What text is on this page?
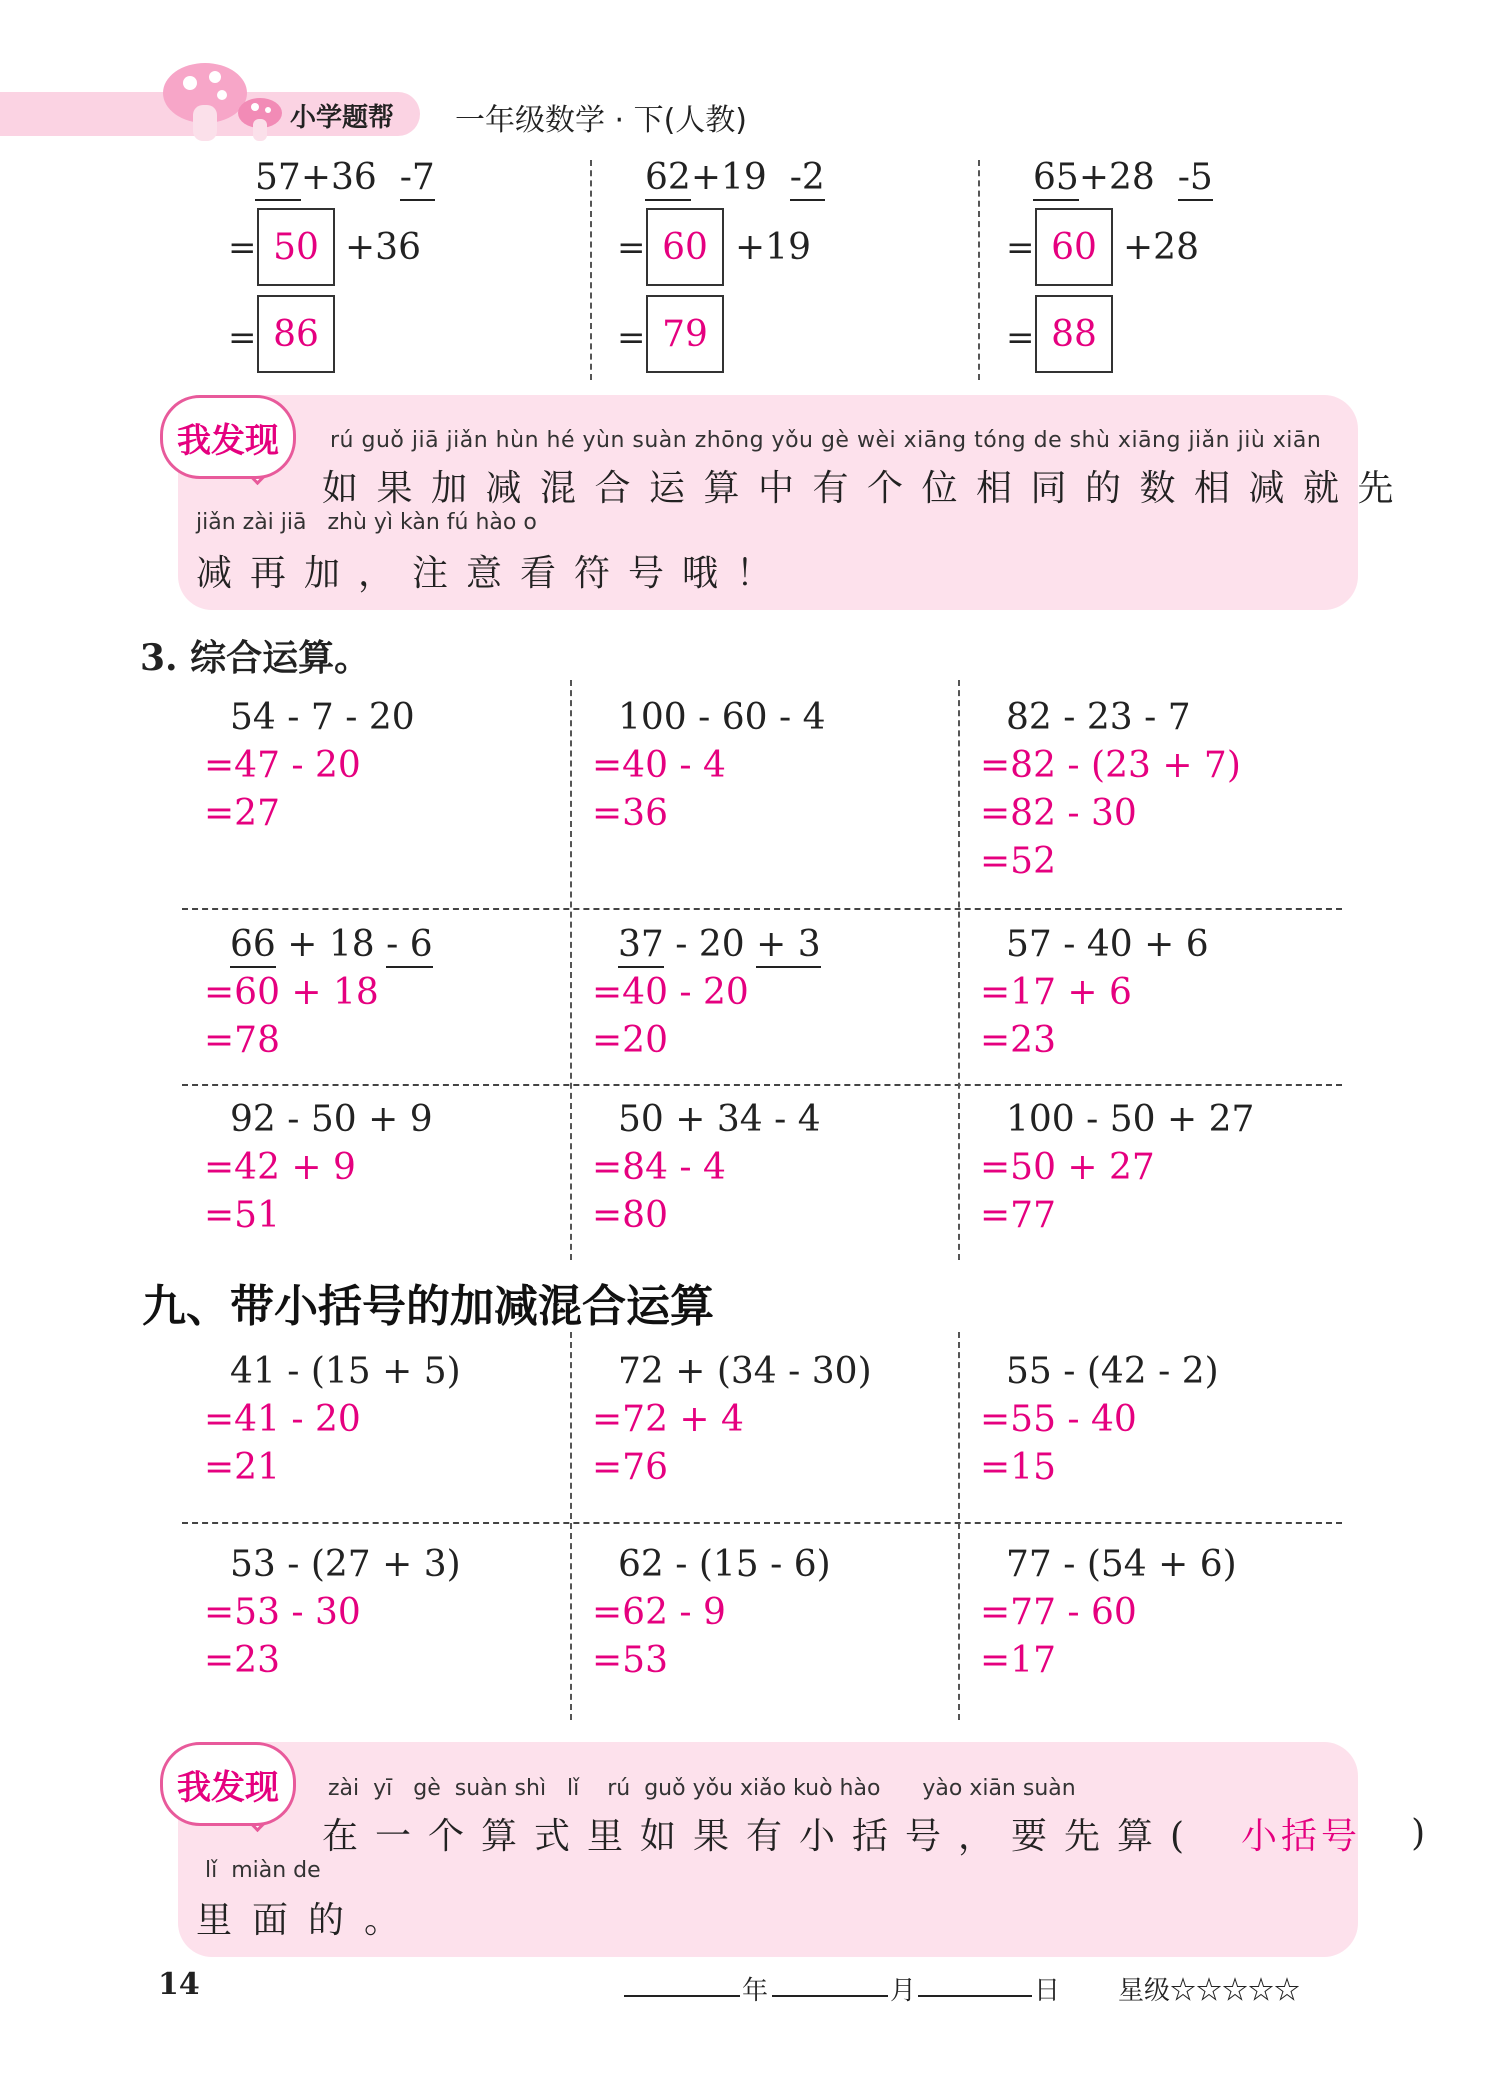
小学题帮 一年级数学 · 下(人教)
57+36 -7
= 50 +36
= 86
62+19 -2
= 60 +19
= 79
65+28 -5
= 60 +28
= 88
我发现	rú guǒ jiā jiǎn hùn hé yùn suàn zhōng yǒu gè wèi xiāng tóng de shù xiāng jiǎn jiù xiān
如果加减混合运算中有个位相同的数相减就先
jiǎn zài jiā   zhù yì kàn fú hào o
减再加，注意看符号哦！
3. 综合运算。
54 - 7 - 20
=47 - 20
=27
100 - 60 - 4
=40 - 4
=36
82 - 23 - 7
=82 - (23 + 7)
=82 - 30
=52
66 + 18 - 6
=60 + 18
=78
37 - 20 + 3
=40 - 20
=20
57 - 40 + 6
=17 + 6
=23
92 - 50 + 9
=42 + 9
=51
50 + 34 - 4
=84 - 4
=80
100 - 50 + 27
=50 + 27
=77
九、带小括号的加减混合运算
41 - (15 + 5)
=41 - 20
=21
72 + (34 - 30)
=72 + 4
=76
55 - (42 - 2)
=55 - 40
=15
53 - (27 + 3)
=53 - 30
=23
62 - (15 - 6)
=62 - 9
=53
77 - (54 + 6)
=77 - 60
=17
我发现	zài  yī   gè  suàn shì   lǐ    rú  guǒ yǒu xiǎo kuò hào      yào xiān suàn
在一个算式里如果有小括号，要先算( 小括号 )
lǐ  miàn de
里面的。
14	年	月	日 星级☆☆☆☆☆
